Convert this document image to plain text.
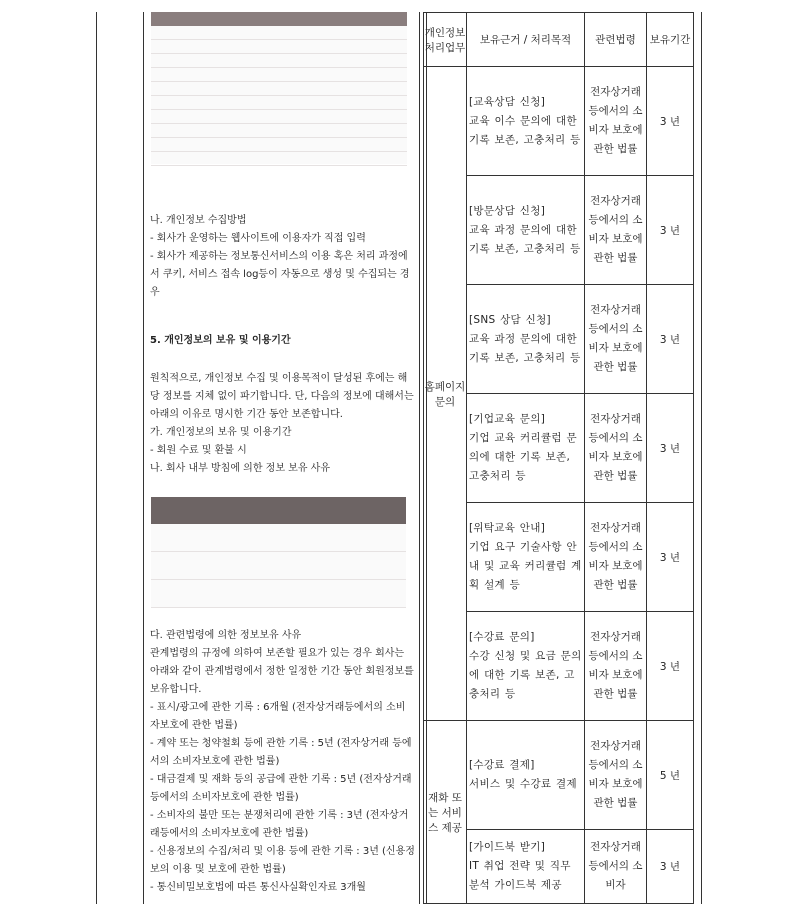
나. 개인정보 수집방법

- 회사가 운영하는 웹사이트에 이용자가 직접 입력

- 회사가 제공하는 정보통신서비스의 이용 혹은 처리 과정에서 쿠키, 서비스 접속 log등이 자동으로 생성 및 수집되는 경우

5. 개인정보의 보유 및 이용기간

원칙적으로, 개인정보 수집 및 이용목적이 달성된 후에는 해당 정보를 지체 없이 파기합니다. 단, 다음의 정보에 대해서는 아래의 이유로 명시한 기간 동안 보존합니다.

가. 개인정보의 보유 및 이용기간

- 회원 수료 및 환불 시

나. 회사 내부 방침에 의한 정보 보유 사유

다. 관련법령에 의한 정보보유 사유

관계법령의 규정에 의하여 보존할 필요가 있는 경우 회사는 아래와 같이 관계법령에서 정한 일정한 기간 동안 회원정보를 보유합니다.

- 표시/광고에 관한 기록 : 6개월 (전자상거래등에서의 소비자보호에 관한 법률)

- 계약 또는 청약철회 등에 관한 기록 : 5년 (전자상거래 등에서의 소비자보호에 관한 법률)

- 대금결제 및 재화 등의 공급에 관한 기록 : 5년 (전자상거래등에서의 소비자보호에 관한 법률)

- 소비자의 불만 또는 분쟁처리에 관한 기록 : 3년 (전자상거래등에서의 소비자보호에 관한 법률)

- 신용정보의 수집/처리 및 이용 등에 관한 기록 : 3년 (신용정보의 이용 및 보호에 관한 법률)

- 통신비밀보호법에 따른 통신사실확인자료 3개월

개인정보 처리업무	보유근거 / 처리목적	관련법령	보유기간
홈페이지 문의	[교육상담 신청]
교육 이수 문의에 대한 기록 보존, 고충처리 등	전자상거래 등에서의 소비자 보호에 관한 법률	3 년

	[방문상담 신청]
교육 과정 문의에 대한 기록 보존, 고충처리 등	전자상거래 등에서의 소비자 보호에 관한 법률	3 년

	[SNS 상담 신청]
교육 과정 문의에 대한 기록 보존, 고충처리 등	전자상거래 등에서의 소비자 보호에 관한 법률	3 년

	[기업교육 문의]
기업 교육 커리큘럼 문의에 대한 기록 보존, 고충처리 등	전자상거래 등에서의 소비자 보호에 관한 법률	3 년

	[위탁교육 안내]
기업 요구 기술사항 안내 및 교육 커리큘럼 계획 설계 등	전자상거래 등에서의 소비자 보호에 관한 법률	3 년

	[수강료 문의]
수강 신청 및 요금 문의에 대한 기록 보존, 고충처리 등	전자상거래 등에서의 소비자 보호에 관한 법률	3 년
재화 또는 서비스 제공	[수강료 결제]
서비스 및 수강료 결제	전자상거래 등에서의 소비자 보호에 관한 법률	5 년

	[가이드북 받기]
IT 취업 전략 및 직무 분석 가이드북 제공	전자상거래 등에서의 소비자	3 년
